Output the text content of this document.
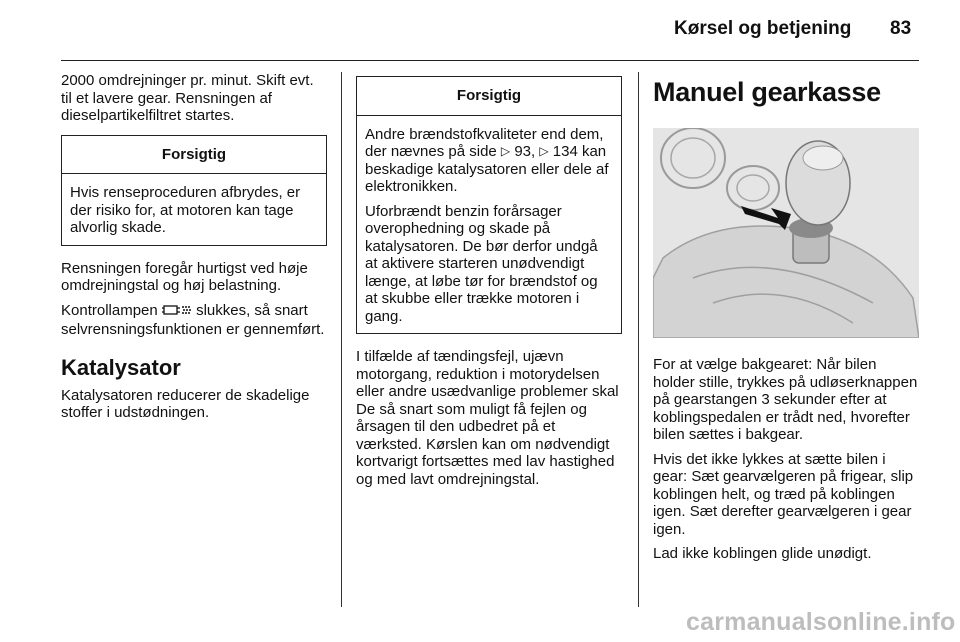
Kørsel og betjening 83

2000 omdrejninger pr. minut. Skift evt. til et lavere gear. Rensningen af dieselpartikelfiltret startes.

Forsigtig

Hvis renseproceduren afbrydes, er der risiko for, at motoren kan tage alvorlig skade.

Rensningen foregår hurtigst ved høje omdrejningstal og høj belastning.

Kontrollampen	slukkes, så snart selvrensningsfunktionen er gennemført.

Katalysator

Katalysatoren reducerer de skadelige stoffer i udstødningen.

Forsigtig

Andre brændstofkvaliteter end dem, der nævnes på side ▷ 93, ▷ 134 kan beskadige katalysatoren eller dele af elektronikken.

Uforbrændt benzin forårsager overophedning og skade på katalysatoren. De bør derfor undgå at aktivere starteren unødvendigt længe, at løbe tør for brændstof og at skubbe eller trække motoren i gang.

I tilfælde af tændingsfejl, ujævn motorgang, reduktion i motorydelsen eller andre usædvanlige problemer skal De så snart som muligt få fejlen og årsagen til den udbedret på et værksted. Kørslen kan om nødvendigt kortvarigt fortsættes med lav hastighed og med lavt omdrejningstal.

Manuel gearkasse

For at vælge bakgearet: Når bilen holder stille, trykkes på udløserknappen på gearstangen 3 sekunder efter at koblingspedalen er trådt ned, hvorefter bilen sættes i bakgear.

Hvis det ikke lykkes at sætte bilen i gear: Sæt gearvælgeren på frigear, slip koblingen helt, og træd på koblingen igen. Sæt derefter gearvælgeren i gear igen.

Lad ikke koblingen glide unødigt.

carmanualsonline.info
